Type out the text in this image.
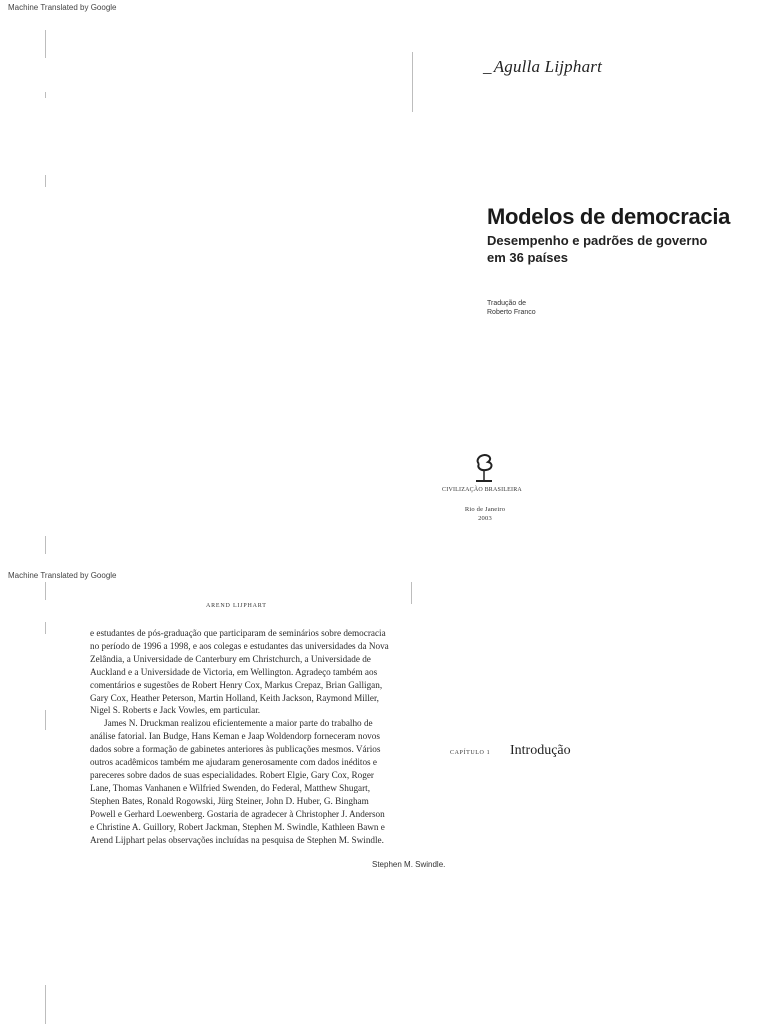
Machine Translated by Google
_ Agulla Lijphart
Modelos de democracia
Desempenho e padrões de governo
em 36 países
Tradução de
Roberto Franco
CIVILIZAÇÃO BRASILEIRA
Rio de Janeiro
2003
Machine Translated by Google
AREND LIJPHART

e estudantes de pós-graduação que participaram de seminários sobre democracia no período de 1996 a 1998, e aos colegas e estudantes das universidades da Nova Zelândia, a Universidade de Canterbury em Christchurch, a Universidade de Auckland e a Universidade de Victoria, em Wellington. Agradeço também aos comentários e sugestões de Robert Henry Cox, Markus Crepaz, Brian Galligan, Gary Cox, Heather Peterson, Martin Holland, Keith Jackson, Raymond Miller, Nigel S. Roberts e Jack Vowles, em particular.

James N. Druckman realizou eficientemente a maior parte do trabalho de análise fatorial. Ian Budge, Hans Keman e Jaap Woldendorp forneceram novos dados sobre a formação de gabinetes anteriores às publicações mesmos. Vários outros acadêmicos também me ajudaram generosamente com dados inéditos e pareceres sobre dados de suas especialidades. Robert Elgie, Gary Cox, Roger Lane, Thomas Vanhanen e Wilfried Swenden, do Federal, Matthew Shugart, Stephen Bates, Ronald Rogowski, Jürg Steiner, John D. Huber, G. Bingham Powell e Gerhard Loewenberg. Gostaria de agradecer à Christopher J. Anderson e Christine A. Guillory, Robert Jackman, Stephen M. Swindle, Kathleen Bawn e Arend Lijphart pelas observações incluídas na pesquisa de Stephen M. Swindle.

Stephen M. Swindle.
CAPÍTULO 1 Introdução
